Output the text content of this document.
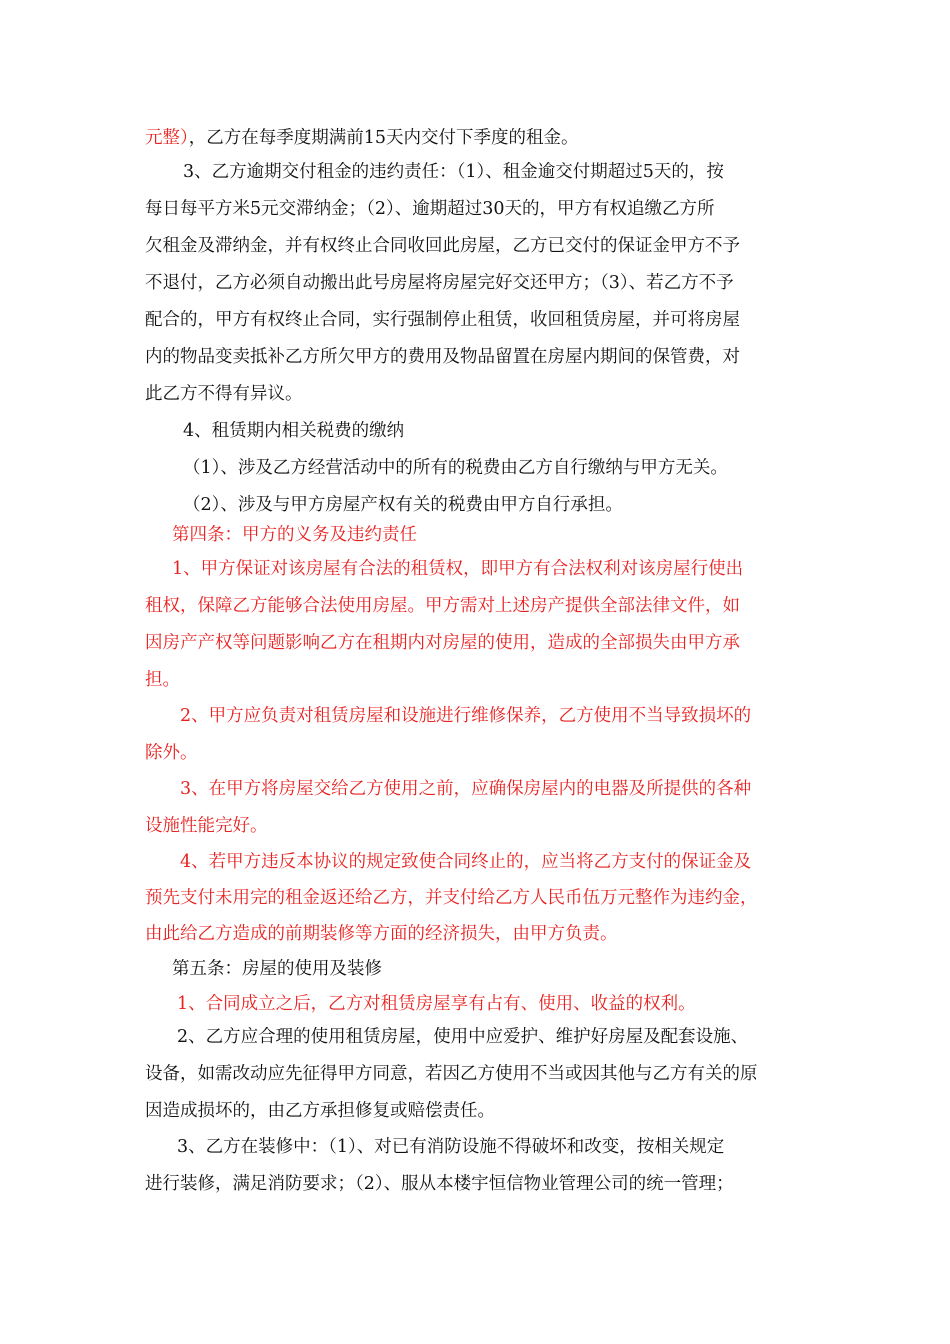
元整），乙方在每季度期满前15天内交付下季度的租金。
3、乙方逾期交付租金的违约责任：（1）、租金逾交付期超过5天的，按
每日每平方米5元交滞纳金；（2）、逾期超过30天的，甲方有权追缴乙方所
欠租金及滞纳金，并有权终止合同收回此房屋，乙方已交付的保证金甲方不予
不退付，乙方必须自动搬出此号房屋将房屋完好交还甲方；（3）、若乙方不予
配合的，甲方有权终止合同，实行强制停止租赁，收回租赁房屋，并可将房屋
内的物品变卖抵补乙方所欠甲方的费用及物品留置在房屋内期间的保管费，对
此乙方不得有异议。
4、租赁期内相关税费的缴纳
（1）、涉及乙方经营活动中的所有的税费由乙方自行缴纳与甲方无关。
（2）、涉及与甲方房屋产权有关的税费由甲方自行承担。
第四条：甲方的义务及违约责任
1、甲方保证对该房屋有合法的租赁权，即甲方有合法权利对该房屋行使出
租权，保障乙方能够合法使用房屋。甲方需对上述房产提供全部法律文件，如
因房产产权等问题影响乙方在租期内对房屋的使用，造成的全部损失由甲方承
担。
2、甲方应负责对租赁房屋和设施进行维修保养，乙方使用不当导致损坏的
除外。
3、在甲方将房屋交给乙方使用之前，应确保房屋内的电器及所提供的各种
设施性能完好。
4、若甲方违反本协议的规定致使合同终止的，应当将乙方支付的保证金及
预先支付未用完的租金返还给乙方，并支付给乙方人民币伍万元整作为违约金，
由此给乙方造成的前期装修等方面的经济损失，由甲方负责。
第五条：房屋的使用及装修
1、合同成立之后，乙方对租赁房屋享有占有、使用、收益的权利。
2、乙方应合理的使用租赁房屋，使用中应爱护、维护好房屋及配套设施、
设备，如需改动应先征得甲方同意，若因乙方使用不当或因其他与乙方有关的原
因造成损坏的，由乙方承担修复或赔偿责任。
3、乙方在装修中：（1）、对已有消防设施不得破坏和改变，按相关规定
进行装修，满足消防要求；（2）、服从本楼宇恒信物业管理公司的统一管理；
